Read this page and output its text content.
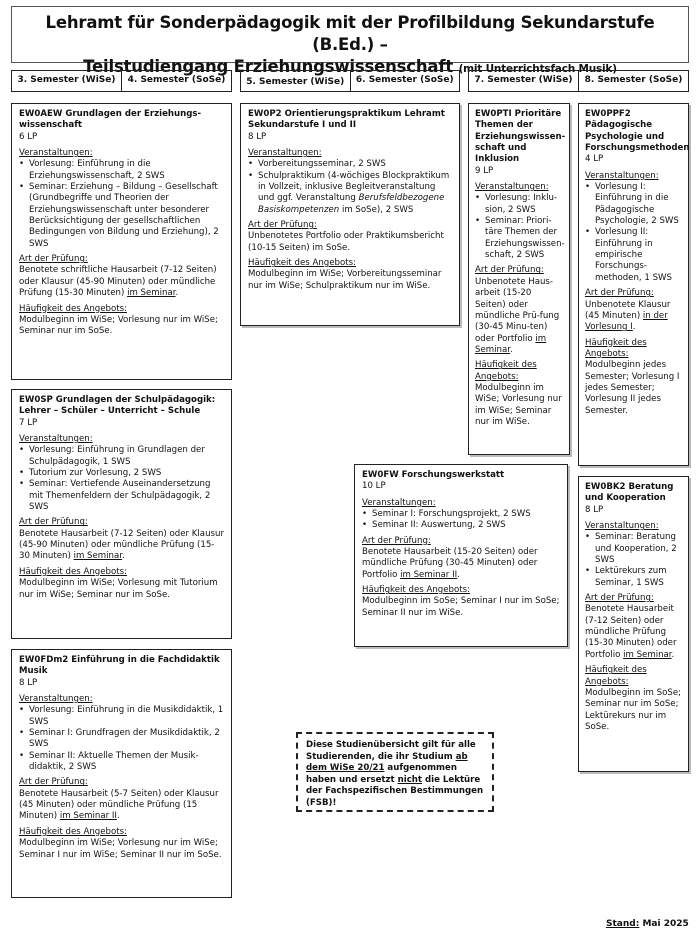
Lehramt für Sonderpädagogik mit der Profilbildung Sekundarstufe (B.Ed.) –
Teilstudiengang Erziehungswissenschaft (mit Unterrichtsfach Musik)
3. Semester (WiSe)	4. Semester (SoSe)	5. Semester (WiSe)	6. Semester (SoSe)	7. Semester (WiSe)	8. Semester (SoSe)
EW0AEW Grundlagen der Erziehungs-wissenschaft
6 LP
Veranstaltungen:
• Vorlesung: Einführung in die Erziehungswissenschaft, 2 SWS
• Seminar: Erziehung – Bildung – Gesellschaft (Grundbegriffe und Theorien der Erziehungswissenschaft unter besonderer Berücksichtigung der gesellschaftlichen Bedingungen von Bildung und Erziehung), 2 SWS
Art der Prüfung:
Benotete schriftliche Hausarbeit (7-12 Seiten) oder Klausur (45-90 Minuten) oder mündliche Prüfung (15-30 Minuten) im Seminar.
Häufigkeit des Angebots:
Modulbeginn im WiSe; Vorlesung nur im WiSe; Seminar nur im SoSe.
EW0SP Grundlagen der Schulpädagogik: Lehrer – Schüler – Unterricht – Schule
7 LP
Veranstaltungen:
• Vorlesung: Einführung in Grundlagen der Schulpädagogik, 1 SWS
• Tutorium zur Vorlesung, 2 SWS
• Seminar: Vertiefende Auseinandersetzung mit Themenfeldern der Schulpädagogik, 2 SWS
Art der Prüfung:
Benotete Hausarbeit (7-12 Seiten) oder Klausur (45-90 Minuten) oder mündliche Prüfung (15-30 Minuten) im Seminar.
Häufigkeit des Angebots:
Modulbeginn im WiSe; Vorlesung mit Tutorium nur im WiSe; Seminar nur im SoSe.
EW0FDm2 Einführung in die Fachdidaktik Musik
8 LP
Veranstaltungen:
• Vorlesung: Einführung in die Musikdidaktik, 1 SWS
• Seminar I: Grundfragen der Musikdidaktik, 2 SWS
• Seminar II: Aktuelle Themen der Musik-didaktik, 2 SWS
Art der Prüfung:
Benotete Hausarbeit (5-7 Seiten) oder Klausur (45 Minuten) oder mündliche Prüfung (15 Minuten) im Seminar II.
Häufigkeit des Angebots:
Modulbeginn im WiSe; Vorlesung nur im WiSe; Seminar I nur im WiSe; Seminar II nur im SoSe.
EW0P2 Orientierungspraktikum Lehramt Sekundarstufe I und II
8 LP
Veranstaltungen:
• Vorbereitungsseminar, 2 SWS
• Schulpraktikum (4-wöchiges Blockpraktikum in Vollzeit, inklusive Begleitveranstaltung und ggf. Veranstaltung Berufsfeldbezogene Basiskompetenzen im SoSe), 2 SWS
Art der Prüfung:
Unbenotetes Portfolio oder Praktikumsbericht (10-15 Seiten) im SoSe.
Häufigkeit des Angebots:
Modulbeginn im WiSe; Vorbereitungsseminar nur im WiSe; Schulpraktikum nur im WiSe.
EW0PTI Prioritäre Themen der Erziehungswissen-schaft und Inklusion
9 LP
Veranstaltungen:
• Vorlesung: Inklu-sion, 2 SWS
• Seminar: Priori-täre Themen der Erziehungswissen-schaft, 2 SWS
Art der Prüfung:
Unbenotete Haus-arbeit (15-20 Seiten) oder mündliche Prü-fung (30-45 Minu-ten) oder Portfolio im Seminar.
Häufigkeit des Angebots:
Modulbeginn im WiSe; Vorlesung nur im WiSe; Seminar nur im WiSe.
EW0PPF2 Pädagogische Psychologie und Forschungsmethoden
4 LP
Veranstaltungen:
• Vorlesung I: Einführung in die Pädagogische Psychologie, 2 SWS
• Vorlesung II: Einführung in empirische Forschungs-methoden, 1 SWS
Art der Prüfung:
Unbenotete Klausur (45 Minuten) in der Vorlesung I.
Häufigkeit des Angebots:
Modulbeginn jedes Semester; Vorlesung I jedes Semester; Vorlesung II jedes Semester.
EW0FW Forschungswerkstatt
10 LP
Veranstaltungen:
• Seminar I: Forschungsprojekt, 2 SWS
• Seminar II: Auswertung, 2 SWS
Art der Prüfung:
Benotete Hausarbeit (15-20 Seiten) oder mündliche Prüfung (30-45 Minuten) oder Portfolio im Seminar II.
Häufigkeit des Angebots:
Modulbeginn im SoSe; Seminar I nur im SoSe; Seminar II nur im WiSe.
EW0BK2 Beratung und Kooperation
8 LP
Veranstaltungen:
• Seminar: Beratung und Kooperation, 2 SWS
• Lektürekurs zum Seminar, 1 SWS
Art der Prüfung:
Benotete Hausarbeit (7-12 Seiten) oder mündliche Prüfung (15-30 Minuten) oder Portfolio im Seminar.
Häufigkeit des Angebots:
Modulbeginn im SoSe; Seminar nur im SoSe; Lektürekurs nur im SoSe.
Diese Studienübersicht gilt für alle Studierenden, die ihr Studium ab dem WiSe 20/21 aufgenommen haben und ersetzt nicht die Lektüre der Fachspezifischen Bestimmungen (FSB)!
Stand: Mai 2025
